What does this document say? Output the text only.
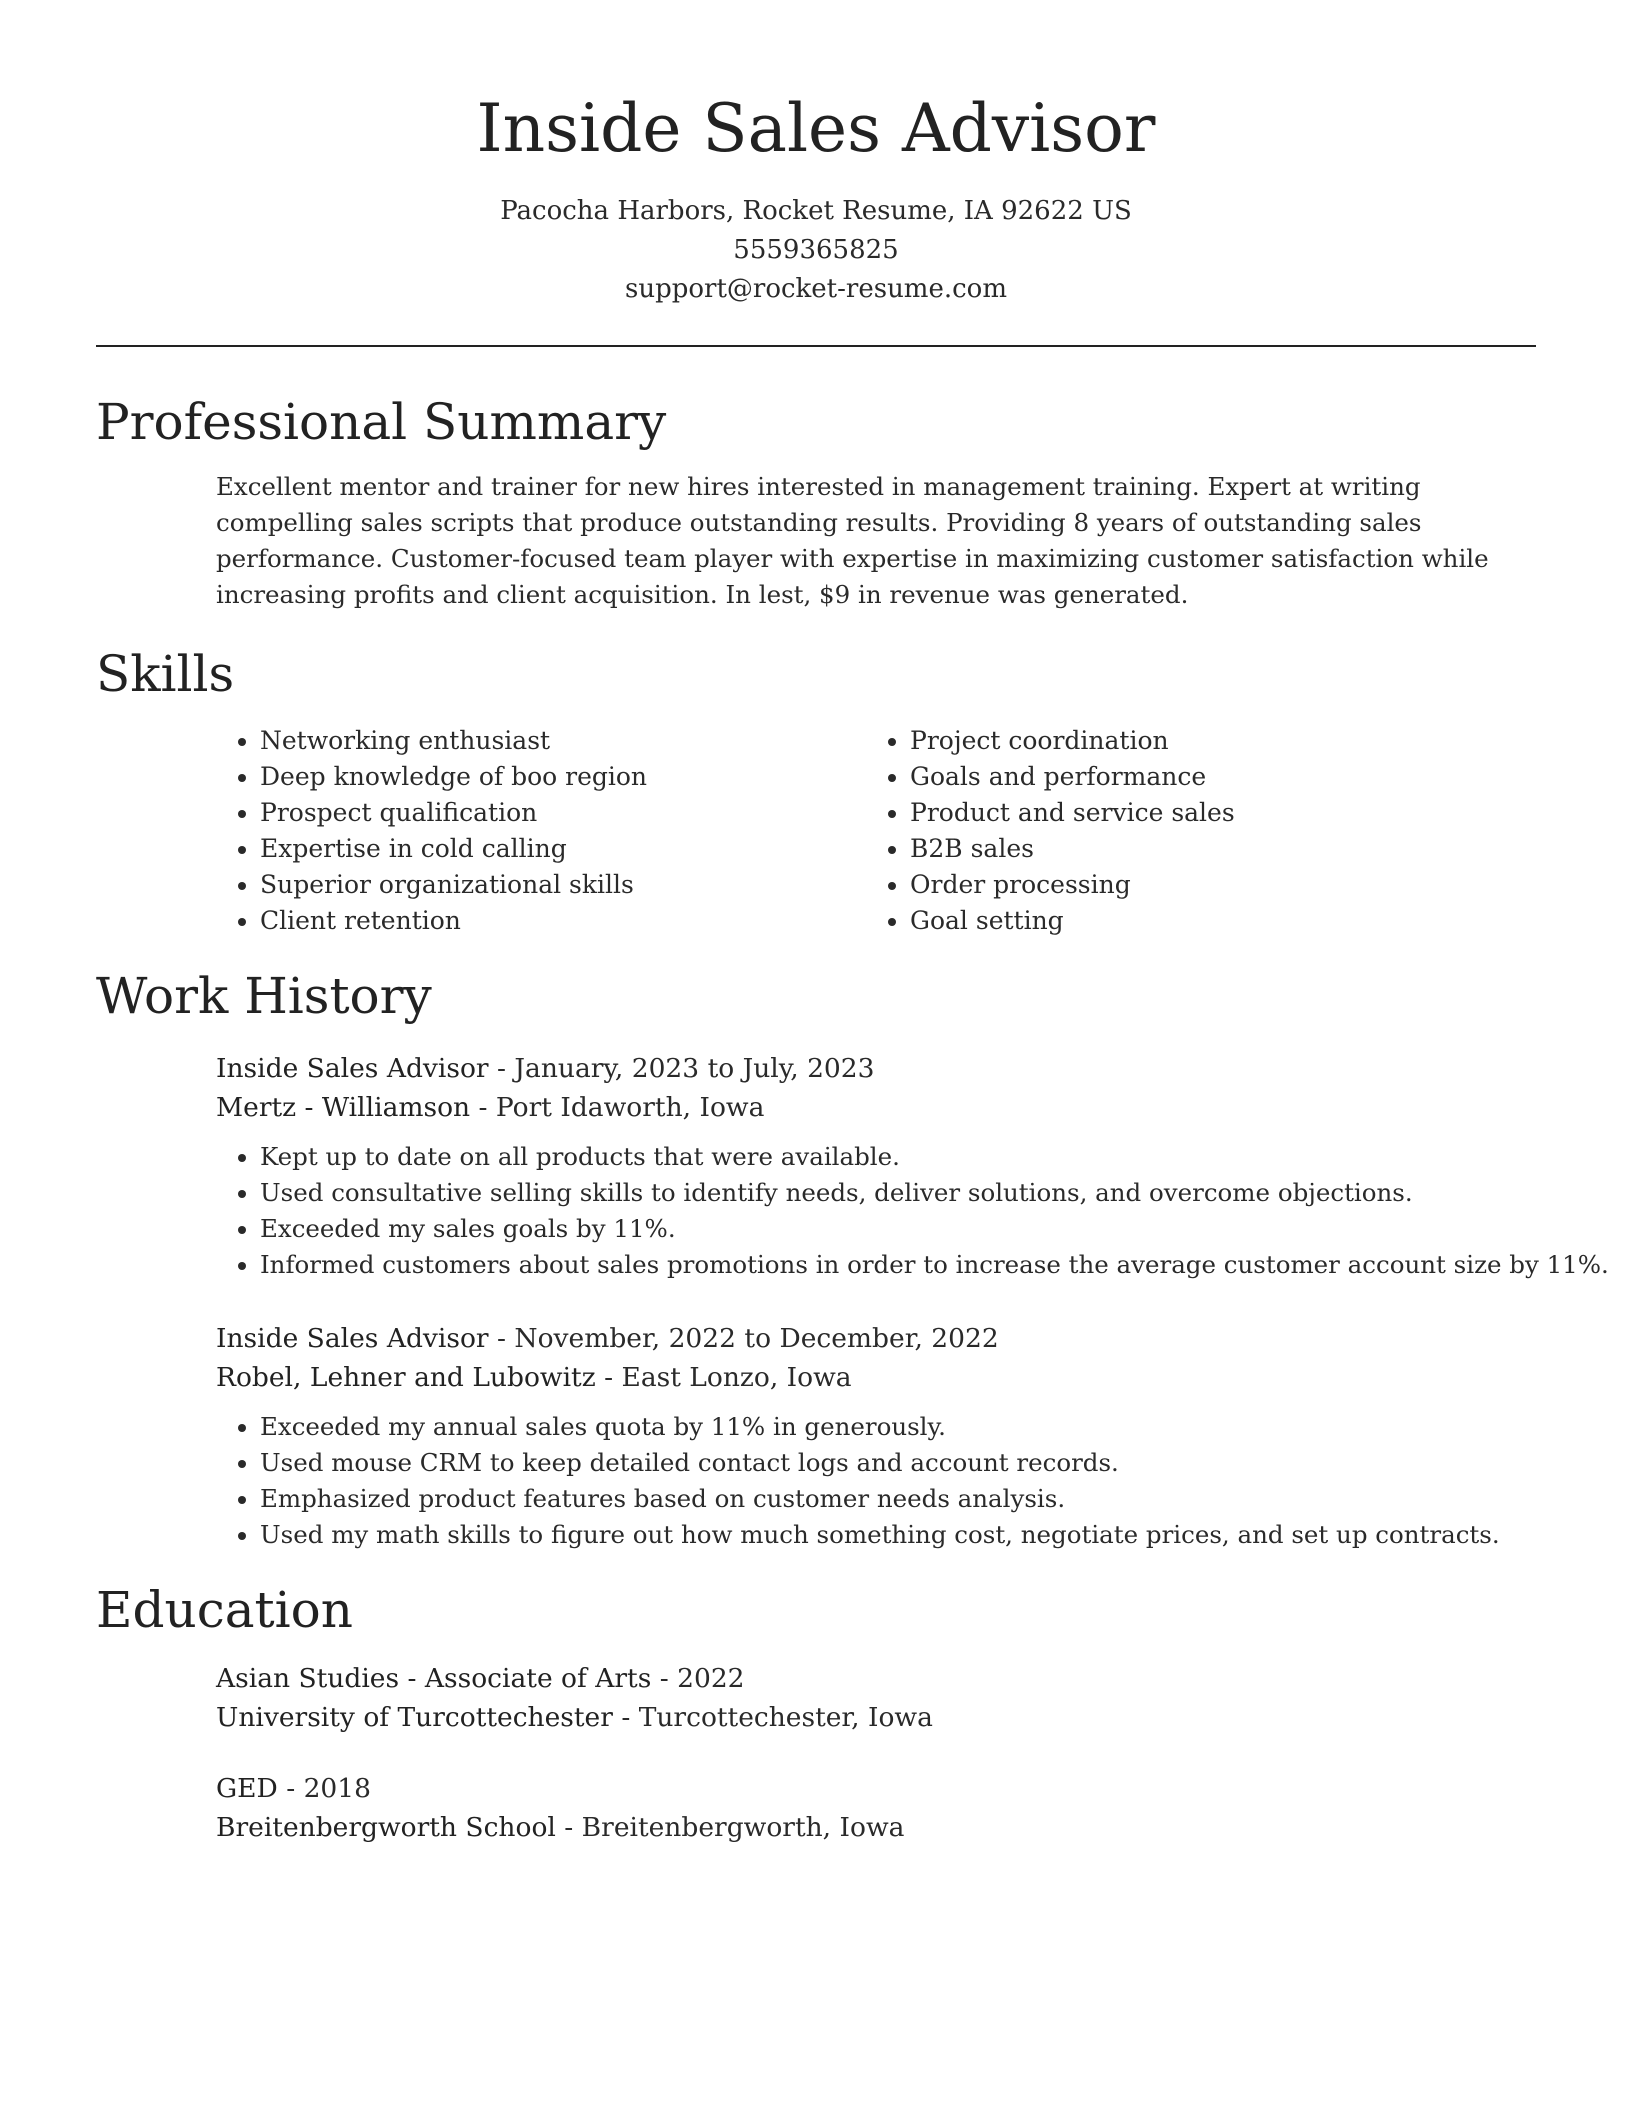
Inside Sales Advisor
Pacocha Harbors, Rocket Resume, IA 92622 US
5559365825
support@rocket-resume.com
Professional Summary

Excellent mentor and trainer for new hires interested in management training. Expert at writing compelling sales scripts that produce outstanding results. Providing 8 years of outstanding sales performance. Customer-focused team player with expertise in maximizing customer satisfaction while increasing profits and client acquisition. In lest, $9 in revenue was generated.

Skills
• Networking enthusiast
• Deep knowledge of boo region
• Prospect qualification
• Expertise in cold calling
• Superior organizational skills
• Client retention
• Project coordination
• Goals and performance
• Product and service sales
• B2B sales
• Order processing
• Goal setting
Work History
Inside Sales Advisor - January, 2023 to July, 2023
Mertz - Williamson - Port Idaworth, Iowa
• Kept up to date on all products that were available.
• Used consultative selling skills to identify needs, deliver solutions, and overcome objections.
• Exceeded my sales goals by 11%.
• Informed customers about sales promotions in order to increase the average customer account size by 11%.
Inside Sales Advisor - November, 2022 to December, 2022
Robel, Lehner and Lubowitz - East Lonzo, Iowa
• Exceeded my annual sales quota by 11% in generously.
• Used mouse CRM to keep detailed contact logs and account records.
• Emphasized product features based on customer needs analysis.
• Used my math skills to figure out how much something cost, negotiate prices, and set up contracts.
Education
Asian Studies - Associate of Arts - 2022
University of Turcottechester - Turcottechester, Iowa
GED - 2018
Breitenbergworth School - Breitenbergworth, Iowa
